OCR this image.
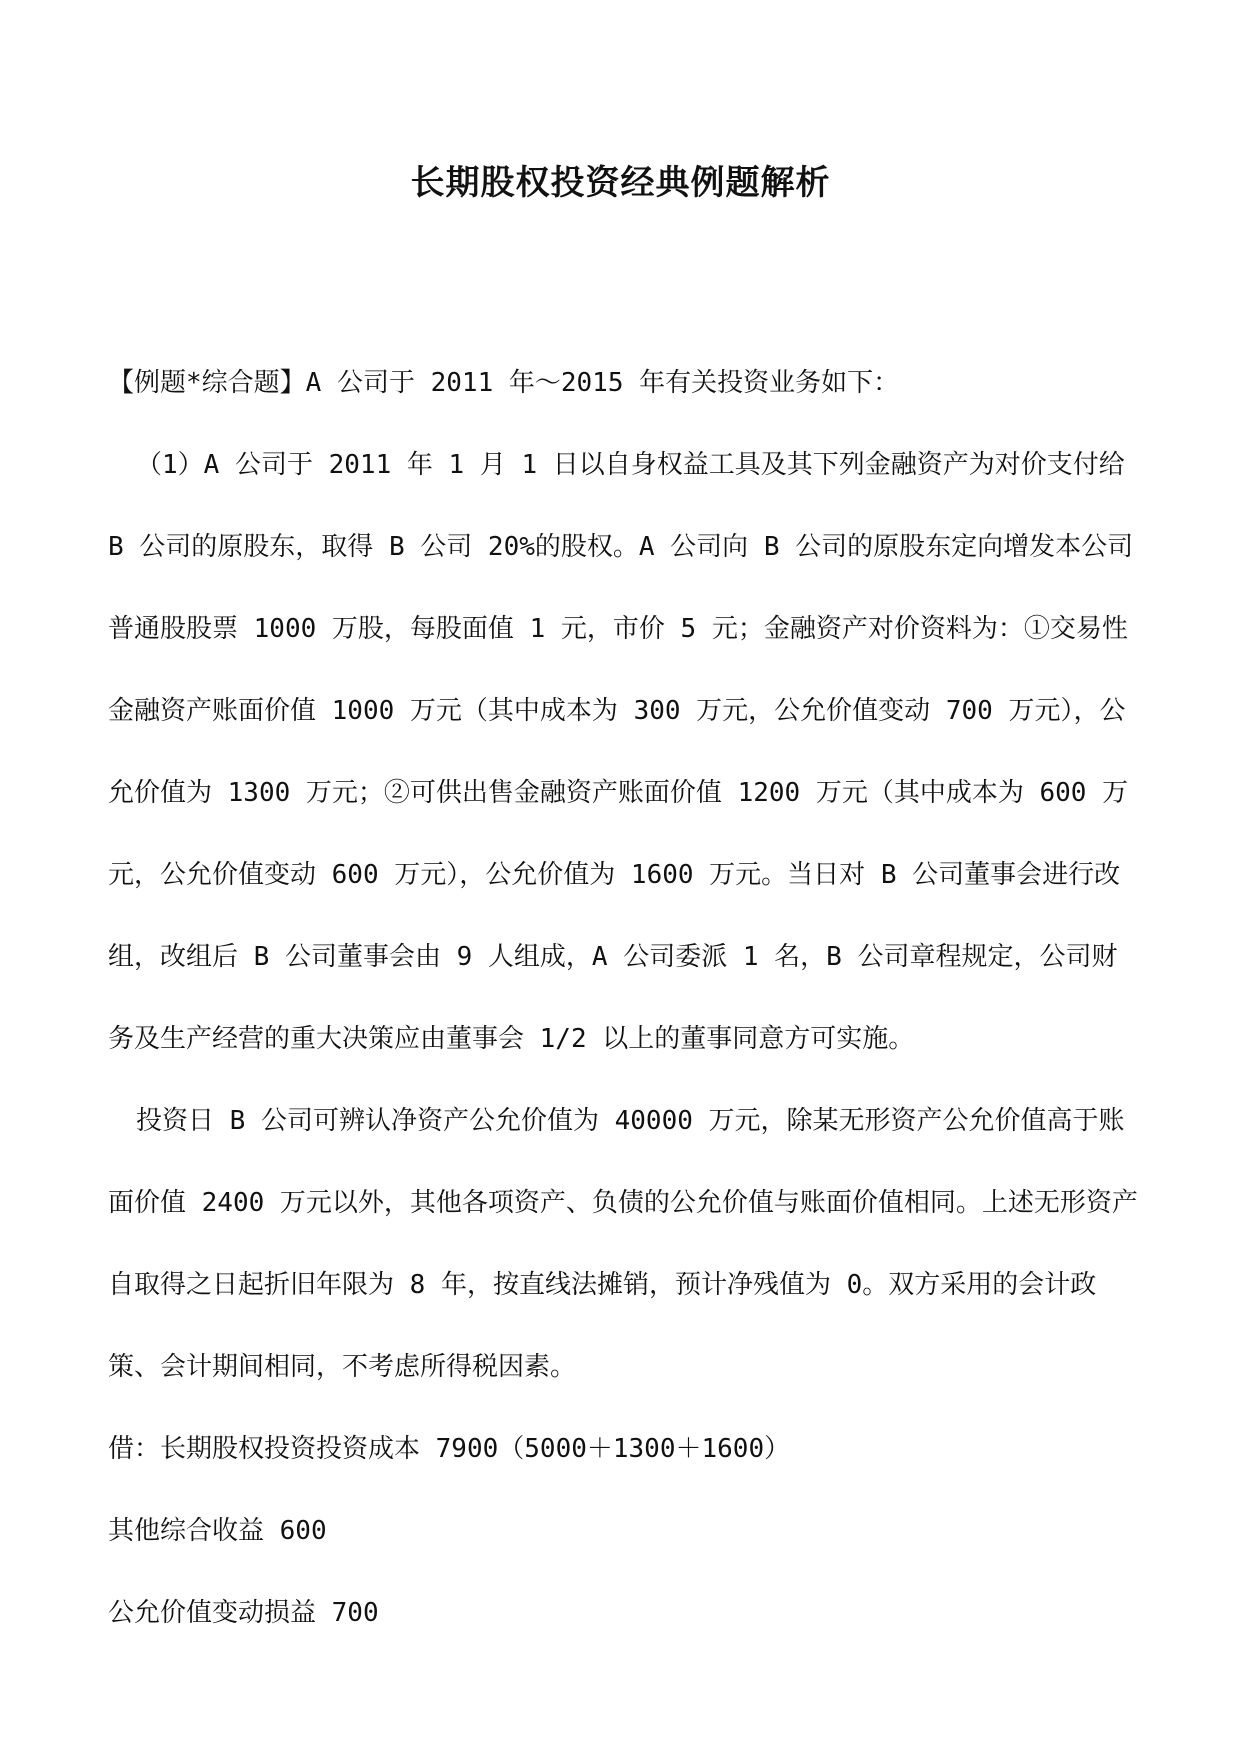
长期股权投资经典例题解析

【例题*综合题】A 公司于 2011 年～2015 年有关投资业务如下：

（1）A 公司于 2011 年 1 月 1 日以自身权益工具及其下列金融资产为对价支付给 B 公司的原股东，取得 B 公司 20%的股权。A 公司向 B 公司的原股东定向增发本公司普通股股票 1000 万股，每股面值 1 元，市价 5 元；金融资产对价资料为：①交易性金融资产账面价值 1000 万元（其中成本为 300 万元，公允价值变动 700 万元），公允价值为 1300 万元；②可供出售金融资产账面价值 1200 万元（其中成本为 600 万元，公允价值变动 600 万元），公允价值为 1600 万元。当日对 B 公司董事会进行改组，改组后 B 公司董事会由 9 人组成，A 公司委派 1 名，B 公司章程规定，公司财务及生产经营的重大决策应由董事会 1/2 以上的董事同意方可实施。

投资日 B 公司可辨认净资产公允价值为 40000 万元，除某无形资产公允价值高于账面价值 2400 万元以外，其他各项资产、负债的公允价值与账面价值相同。上述无形资产自取得之日起折旧年限为 8 年，按直线法摊销，预计净残值为 0。双方采用的会计政策、会计期间相同，不考虑所得税因素。

借：长期股权投资投资成本 7900（5000＋1300＋1600）

其他综合收益 600

公允价值变动损益 700
